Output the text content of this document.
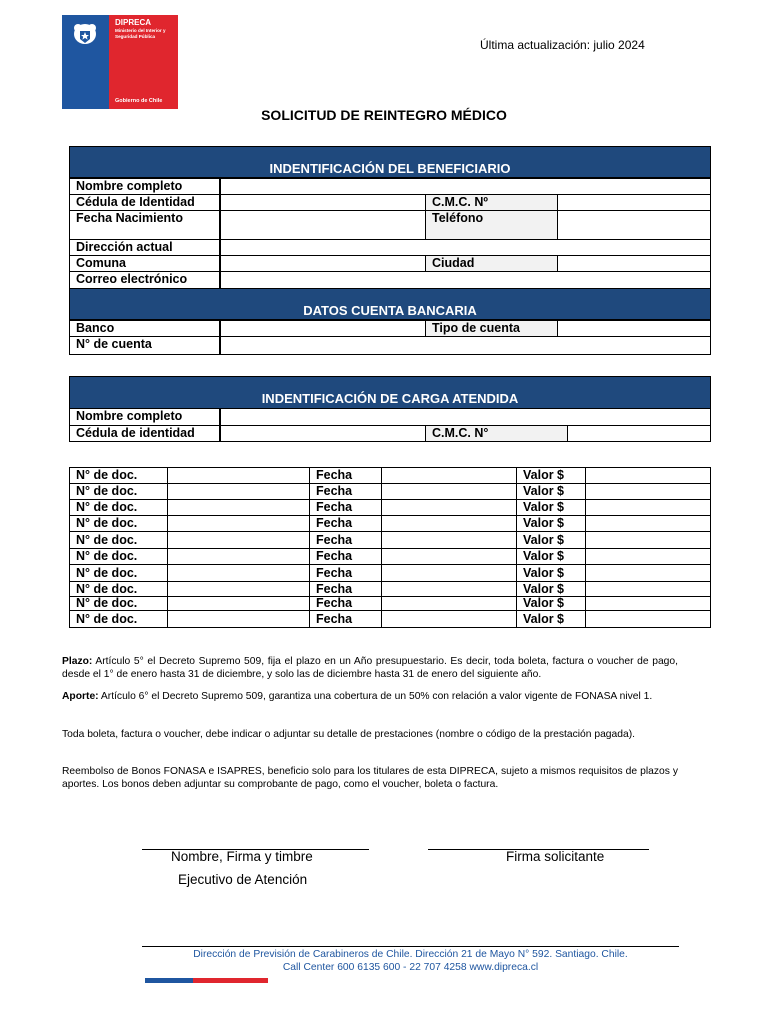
DIPRECA
Ministerio del Interior y Seguridad Pública
Gobierno de Chile
Última actualización: julio 2024
SOLICITUD DE REINTEGRO MÉDICO
INDENTIFICACIÓN DEL BENEFICIARIO
Nombre completo
Cédula de Identidad	C.M.C. Nº
Fecha Nacimiento	Teléfono
Dirección actual
Comuna	Ciudad
Correo electrónico
DATOS CUENTA BANCARIA
Banco	Tipo de cuenta
N° de cuenta
INDENTIFICACIÓN DE CARGA ATENDIDA
Nombre completo
Cédula de identidad	C.M.C. N°
N° de doc.	Fecha	Valor $
N° de doc.	Fecha	Valor $
N° de doc.	Fecha	Valor $
N° de doc.	Fecha	Valor $
N° de doc.	Fecha	Valor $
N° de doc.	Fecha	Valor $
N° de doc.	Fecha	Valor $
N° de doc.	Fecha	Valor $
N° de doc.	Fecha	Valor $
N° de doc.	Fecha	Valor $
Plazo: Artículo 5° el Decreto Supremo 509, fija el plazo en un Año presupuestario. Es decir, toda boleta, factura o voucher de pago, desde el 1° de enero hasta 31 de diciembre, y solo las de diciembre hasta 31 de enero del siguiente año.
Aporte: Artículo 6° el Decreto Supremo 509, garantiza una cobertura de un 50% con relación a valor vigente de FONASA nivel 1.
Toda boleta, factura o voucher, debe indicar o adjuntar su detalle de prestaciones (nombre o código de la prestación pagada).
Reembolso de Bonos FONASA e ISAPRES, beneficio solo para los titulares de esta DIPRECA, sujeto a mismos requisitos de plazos y aportes. Los bonos deben adjuntar su comprobante de pago, como el voucher, boleta o factura.
Nombre, Firma y timbre
Ejecutivo de Atención
Firma solicitante
Dirección de Previsión de Carabineros de Chile. Dirección 21 de Mayo N° 592. Santiago. Chile.
Call Center 600 6135 600 - 22 707 4258 www.dipreca.cl
